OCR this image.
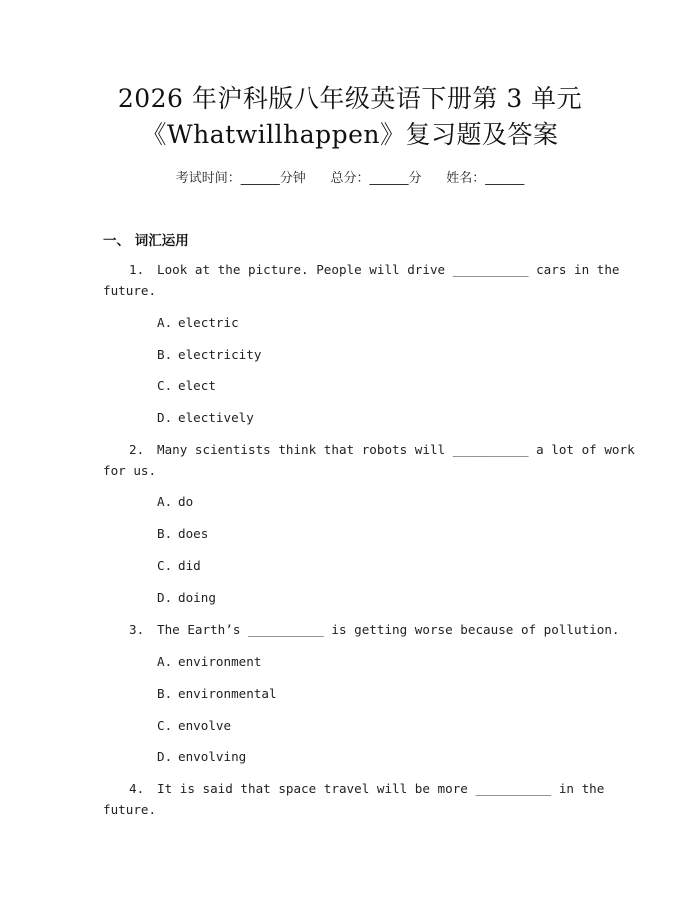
2026 年沪科版八年级英语下册第 3 单元
《Whatwillhappen》复习题及答案
考试时间：______分钟      总分：______分      姓名：______
一、 词汇运用
1. Look at the picture. People will drive __________ cars in the
future.
A. electric
B. electricity
C. elect
D. electively
2. Many scientists think that robots will __________ a lot of work
for us.
A. do
B. does
C. did
D. doing
3. The Earth’s __________ is getting worse because of pollution.
A. environment
B. environmental
C. envolve
D. envolving
4. It is said that space travel will be more __________ in the
future.
